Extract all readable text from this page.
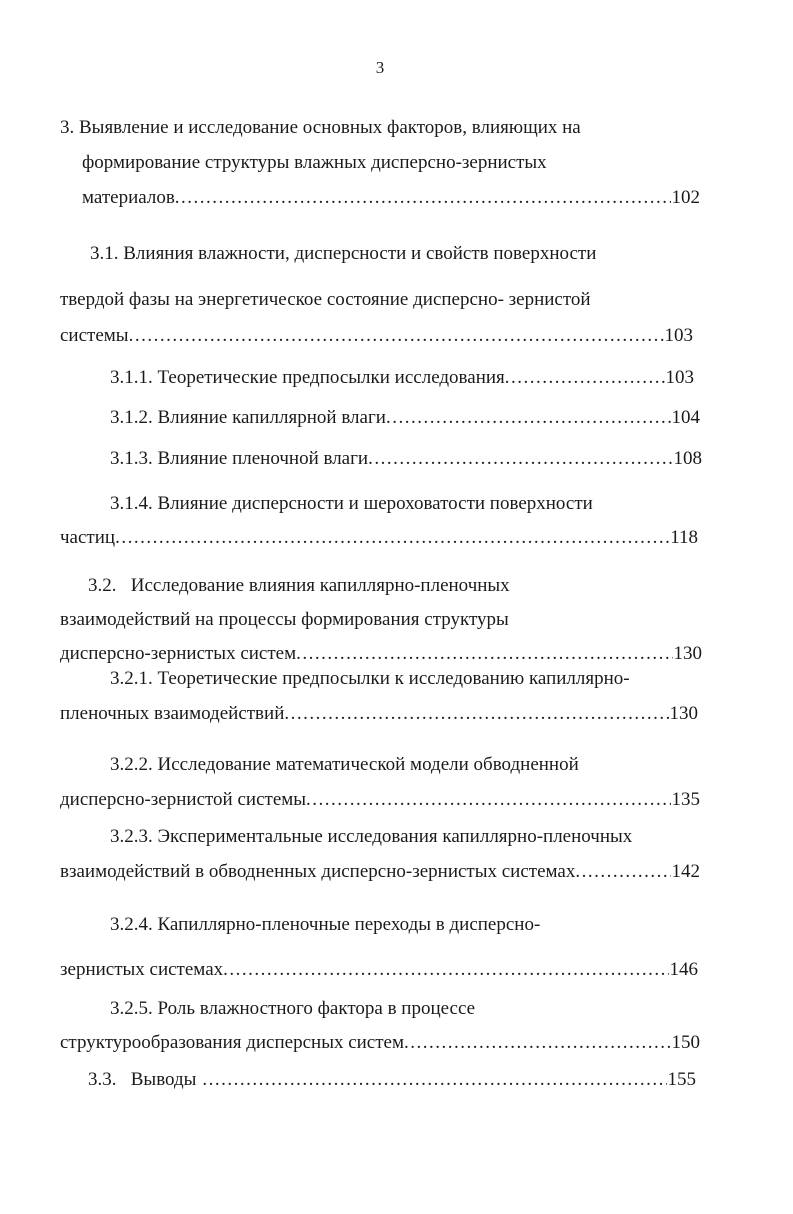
3
3. Выявление и исследование основных факторов, влияющих на
формирование структуры влажных дисперсно-зернистых
материалов .....	102
3.1. Влияния влажности, дисперсности и свойств поверхности
твердой фазы на энергетическое состояние дисперсно- зернистой
системы .....	103
3.1.1. Теоретические предпосылки исследования .....	103
3.1.2. Влияние капиллярной влаги .....	104
3.1.3. Влияние пленочной влаги .....	108
3.1.4. Влияние дисперсности и шероховатости поверхности
частиц .....	118
3.2.   Исследование влияния капиллярно-пленочных
взаимодействий на процессы формирования структуры
дисперсно-зернистых систем .....	130
3.2.1. Теоретические предпосылки к исследованию капиллярно-
пленочных взаимодействий .....	130
3.2.2. Исследование математической модели обводненной
дисперсно-зернистой системы .....	135
3.2.3. Экспериментальные исследования капиллярно-пленочных
взаимодействий в обводненных дисперсно-зернистых системах .....	142
3.2.4. Капиллярно-пленочные переходы в дисперсно-
зернистых системах .....	146
3.2.5. Роль влажностного фактора в процессе
структурообразования дисперсных систем .....	150
3.3.   Выводы .....	155
